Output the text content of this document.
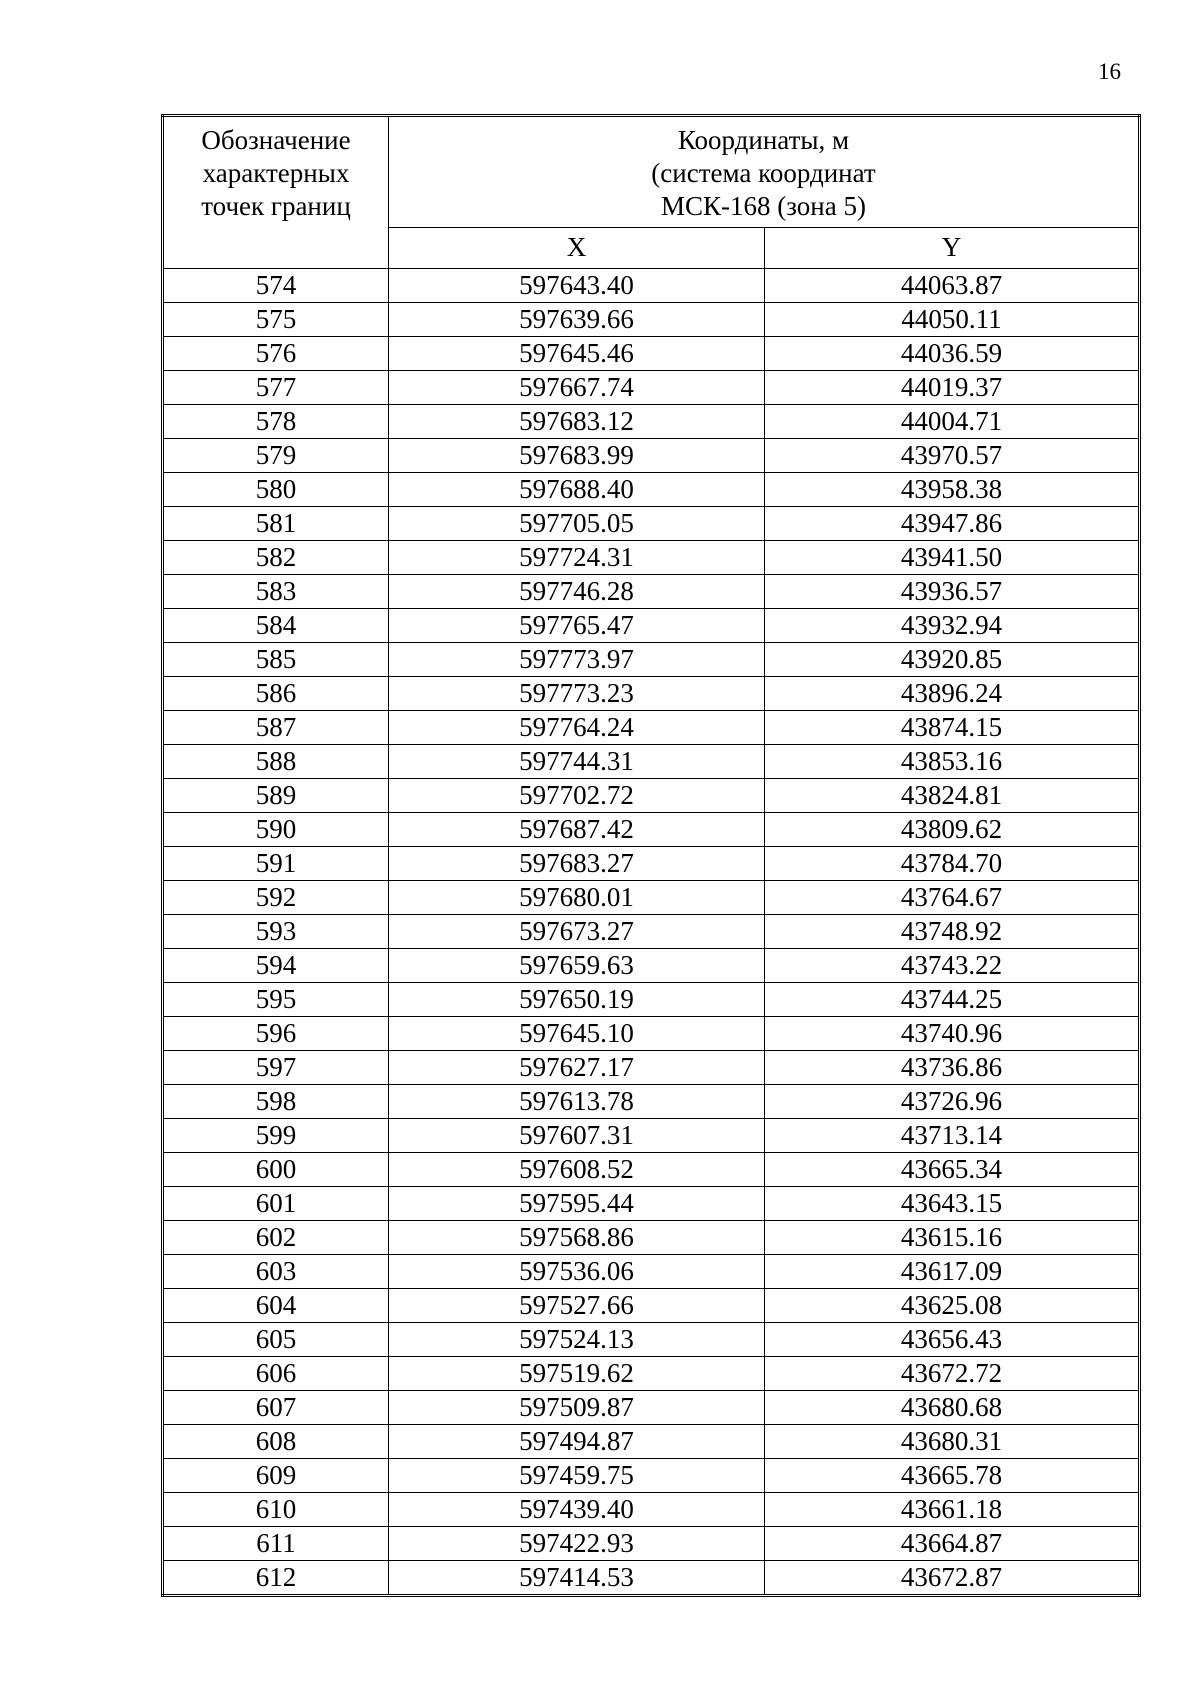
16
Обозначение
характерных
точек границ	Координаты, м
(система координат
МСК-168 (зона 5)	

	X	Y
574	597643.40	44063.87
575	597639.66	44050.11
576	597645.46	44036.59
577	597667.74	44019.37
578	597683.12	44004.71
579	597683.99	43970.57
580	597688.40	43958.38
581	597705.05	43947.86
582	597724.31	43941.50
583	597746.28	43936.57
584	597765.47	43932.94
585	597773.97	43920.85
586	597773.23	43896.24
587	597764.24	43874.15
588	597744.31	43853.16
589	597702.72	43824.81
590	597687.42	43809.62
591	597683.27	43784.70
592	597680.01	43764.67
593	597673.27	43748.92
594	597659.63	43743.22
595	597650.19	43744.25
596	597645.10	43740.96
597	597627.17	43736.86
598	597613.78	43726.96
599	597607.31	43713.14
600	597608.52	43665.34
601	597595.44	43643.15
602	597568.86	43615.16
603	597536.06	43617.09
604	597527.66	43625.08
605	597524.13	43656.43
606	597519.62	43672.72
607	597509.87	43680.68
608	597494.87	43680.31
609	597459.75	43665.78
610	597439.40	43661.18
611	597422.93	43664.87
612	597414.53	43672.87
